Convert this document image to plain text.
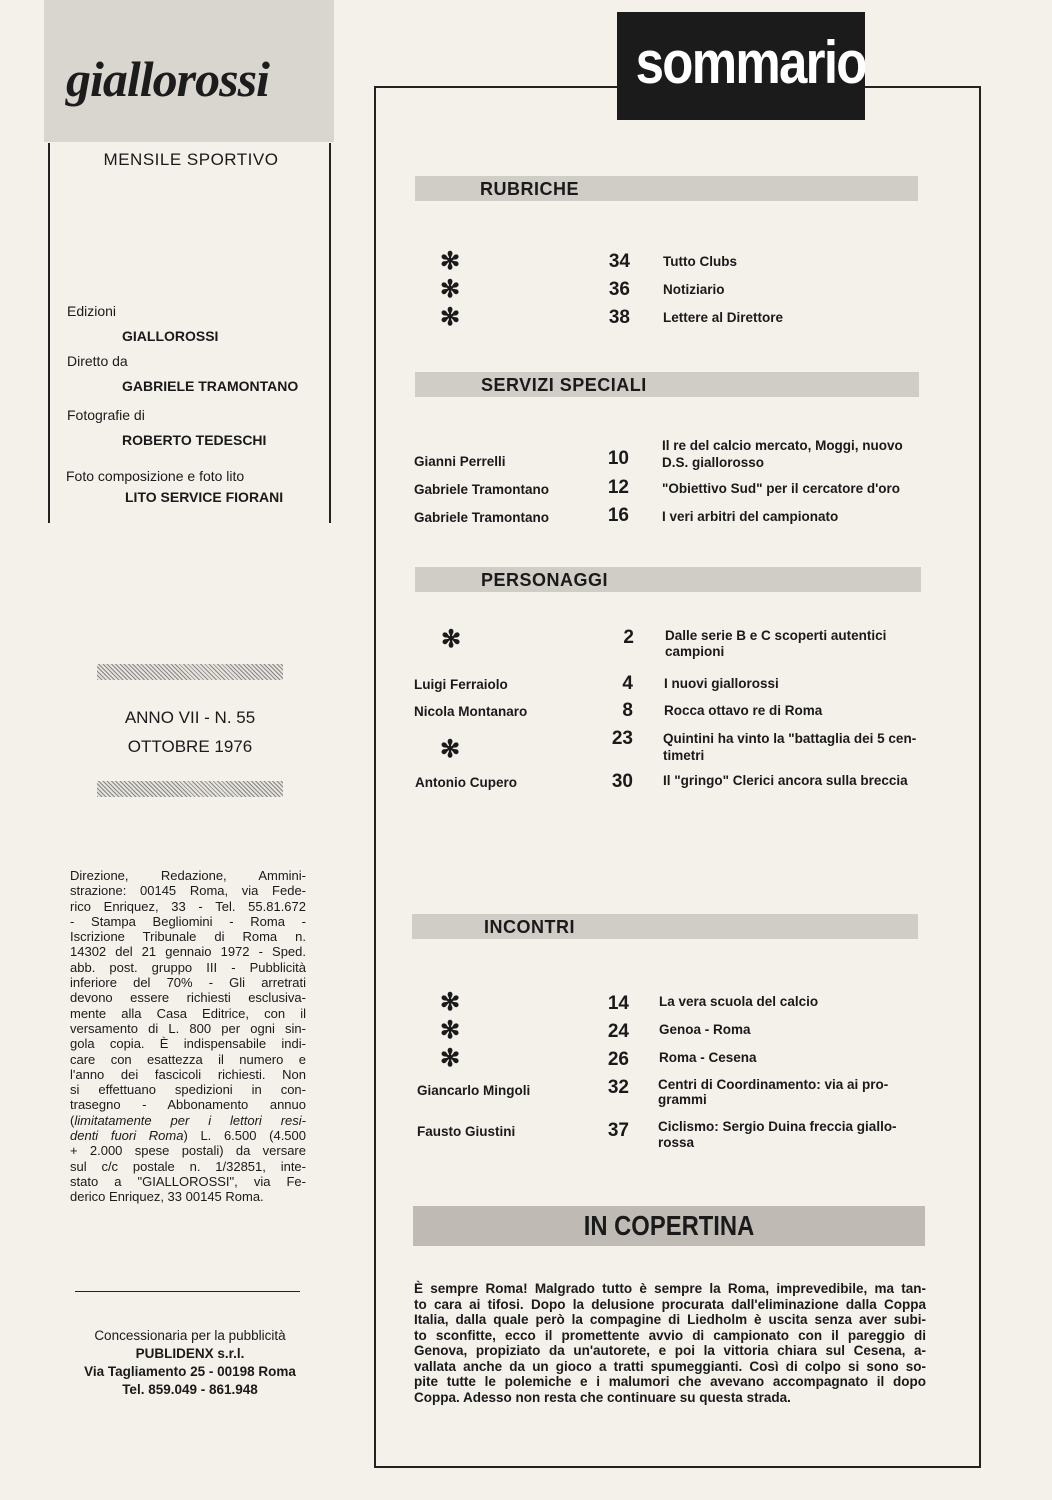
giallorossi
MENSILE SPORTIVO
Edizioni
GIALLOROSSI
Diretto da
GABRIELE TRAMONTANO
Fotografie di
ROBERTO TEDESCHI
Foto composizione e foto lito
LITO SERVICE FIORANI
ANNO VII - N. 55
OTTOBRE 1976
Direzione, Redazione, Ammini-
strazione: 00145 Roma, via Fede-
rico Enriquez, 33 - Tel. 55.81.672
- Stampa Begliomini - Roma -
Iscrizione Tribunale di Roma n.
14302 del 21 gennaio 1972 - Sped.
abb. post. gruppo III - Pubblicità
inferiore del 70% - Gli arretrati
devono essere richiesti esclusiva-
mente alla Casa Editrice, con il
versamento di L. 800 per ogni sin-
gola copia. È indispensabile indi-
care con esattezza il numero e
l'anno dei fascicoli richiesti. Non
si effettuano spedizioni in con-
trasegno - Abbonamento annuo
(limitatamente per i lettori resi-
denti fuori Roma) L. 6.500 (4.500
+ 2.000 spese postali) da versare
sul c/c postale n. 1/32851, inte-
stato a "GIALLOROSSI", via Fe-
derico Enriquez, 33 00145 Roma.
Concessionaria per la pubblicità
PUBLIDENX s.r.l.
Via Tagliamento 25 - 00198 Roma
Tel. 859.049 - 861.948
sommario
RUBRICHE
✻	34 Tutto Clubs
✻	36 Notiziario
✻	38 Lettere al Direttore
SERVIZI SPECIALI
Gianni Perrelli	10
Il re del calcio mercato, Moggi, nuovo
D.S. giallorosso
Gabriele Tramontano	12 "Obiettivo Sud" per il cercatore d'oro
Gabriele Tramontano	16 I veri arbitri del campionato
PERSONAGGI
✻	2 Dalle serie B e C scoperti autentici
campioni
Luigi Ferraiolo	4 I nuovi giallorossi
Nicola Montanaro	8 Rocca ottavo re di Roma
✻	23 Quintini ha vinto la "battaglia dei 5 cen-
timetri
Antonio Cupero	30 Il "gringo" Clerici ancora sulla breccia
INCONTRI
✻	14 La vera scuola del calcio
✻	24 Genoa - Roma
✻	26 Roma - Cesena
Giancarlo Mingoli	32 Centri di Coordinamento: via ai pro-
grammi
Fausto Giustini	37 Ciclismo: Sergio Duina freccia giallo-
rossa
IN COPERTINA
È sempre Roma! Malgrado tutto è sempre la Roma, imprevedibile, ma tan-
to cara ai tifosi. Dopo la delusione procurata dall'eliminazione dalla Coppa
Italia, dalla quale però la compagine di Liedholm è uscita senza aver subi-
to sconfitte, ecco il promettente avvio di campionato con il pareggio di
Genova, propiziato da un'autorete, e poi la vittoria chiara sul Cesena, a-
vallata anche da un gioco a tratti spumeggianti. Così di colpo si sono so-
pite tutte le polemiche e i malumori che avevano accompagnato il dopo
Coppa. Adesso non resta che continuare su questa strada.
